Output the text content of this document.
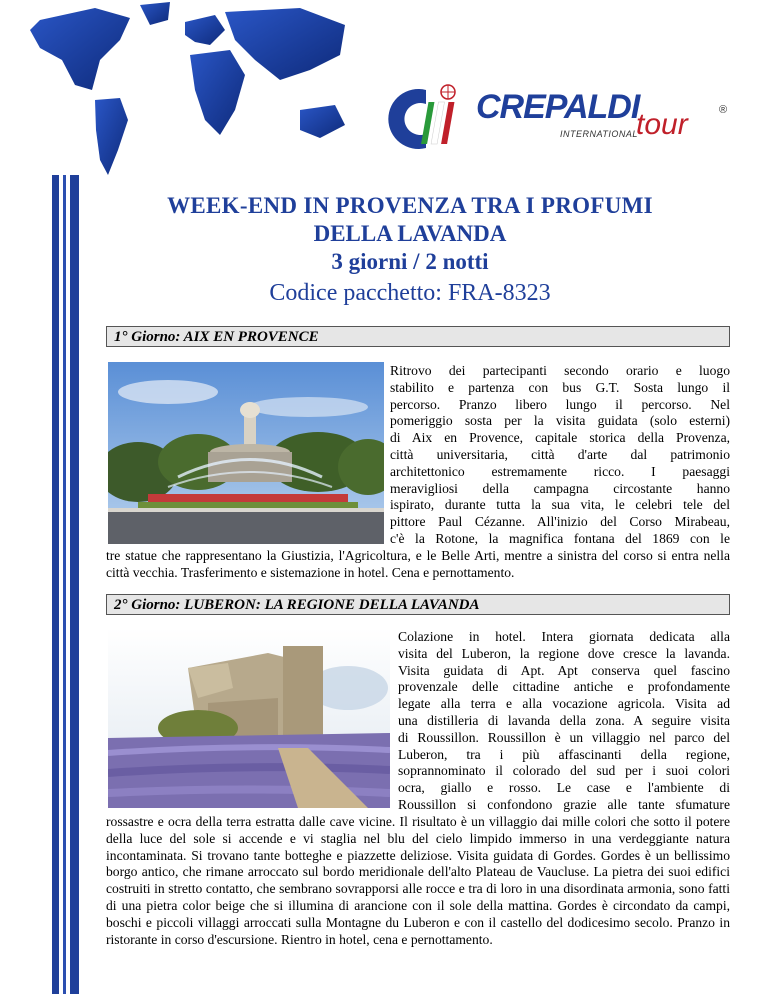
CREPALDI
tour	®
INTERNATIONAL
WEEK-END IN PROVENZA TRA I PROFUMI
DELLA LAVANDA
3 giorni / 2 notti
Codice pacchetto: FRA-8323
1° Giorno: AIX EN PROVENCE
Ritrovo dei partecipanti secondo orario e luogo
stabilito e partenza con bus G.T. Sosta lungo il
percorso. Pranzo libero lungo il percorso. Nel
pomeriggio sosta per la visita guidata (solo esterni)
di Aix en Provence, capitale storica della Provenza,
città universitaria, città d'arte dal patrimonio
architettonico estremamente ricco. I paesaggi
meravigliosi della campagna circostante hanno
ispirato, durante tutta la sua vita, le celebri tele del
pittore Paul Cézanne. All'inizio del Corso Mirabeau,
c'è la Rotone, la magnifica fontana del 1869 con le
tre statue che rappresentano la Giustizia, l'Agricoltura, e le Belle Arti, mentre a sinistra del corso si entra nella città vecchia. Trasferimento e sistemazione in hotel. Cena e pernottamento.
2° Giorno: LUBERON: LA REGIONE DELLA LAVANDA
Colazione in hotel. Intera giornata dedicata alla
visita del Luberon, la regione dove cresce la lavanda.
Visita guidata di Apt. Apt conserva quel fascino
provenzale delle cittadine antiche e profondamente
legate alla terra e alla vocazione agricola. Visita ad
una distilleria di lavanda della zona. A seguire visita
di Roussillon. Roussillon è un villaggio nel parco del
Luberon, tra i più affascinanti della regione,
soprannominato il colorado del sud per i suoi colori
ocra, giallo e rosso. Le case e l'ambiente di
Roussillon si confondono grazie alle tante sfumature
rossastre e ocra della terra estratta dalle cave vicine. Il risultato è un villaggio dai mille colori che sotto il potere della luce del sole si accende e vi staglia nel blu del cielo limpido immerso in una verdeggiante natura incontaminata. Si trovano tante botteghe e piazzette deliziose. Visita guidata di Gordes. Gordes è un bellissimo borgo antico, che rimane arroccato sul bordo meridionale dell'alto Plateau de Vaucluse. La pietra dei suoi edifici costruiti in stretto contatto, che sembrano sovrapporsi alle rocce e tra di loro in una disordinata armonia, sono fatti di una pietra color beige che si illumina di arancione con il sole della mattina. Gordes è circondato da campi, boschi e piccoli villaggi arroccati sulla Montagne du Luberon e con il castello del dodicesimo secolo. Pranzo in ristorante in corso d'escursione. Rientro in hotel, cena e pernottamento.
